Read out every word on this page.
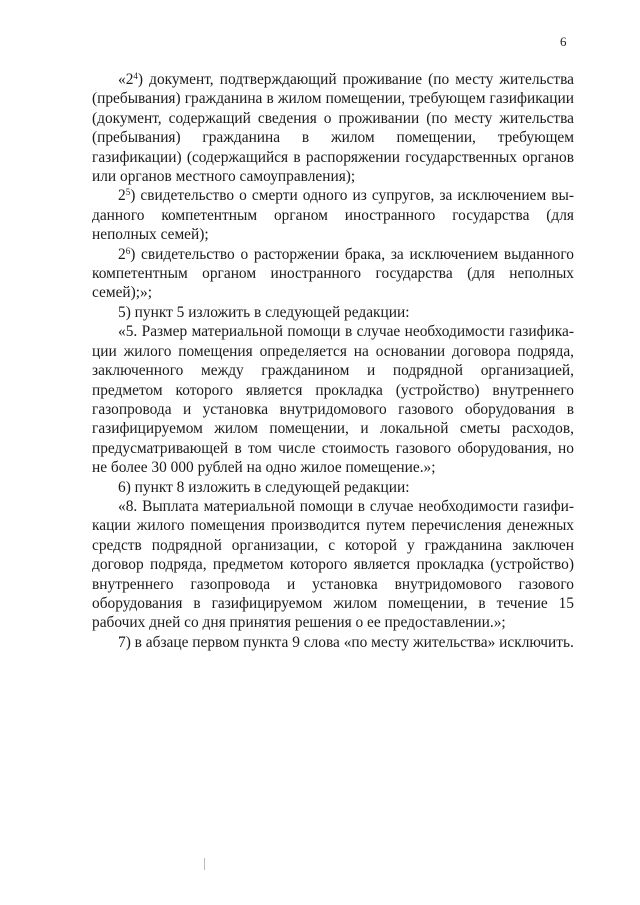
6

«$2^4$) документ, подтверждающий проживание (по месту жительства (пребывания) гражданина в жилом помещении, требующем газификации (документ, содержащий сведения о проживании (по месту жительства (пребывания) гражданина в жилом помещении, требующем газификации) (содержащийся в распоряжении государственных органов или органов местного самоуправления);

$2^5$) свидетельство о смерти одного из супругов, за исключением выданного компетентным органом иностранного государства (для неполных семей);

$2^6$) свидетельство о расторжении брака, за исключением выданного компетентным органом иностранного государства (для неполных семей);»;

5) пункт 5 изложить в следующей редакции:

«5. Размер материальной помощи в случае необходимости газификации жилого помещения определяется на основании договора подряда, заключенного между гражданином и подрядной организацией, предметом которого является прокладка (устройство) внутреннего газопровода и установка внутридомового газового оборудования в газифицируемом жилом помещении, и локальной сметы расходов, предусматривающей в том числе стоимость газового оборудования, но не более 30 000 рублей на одно жилое помещение.»;

6) пункт 8 изложить в следующей редакции:

«8. Выплата материальной помощи в случае необходимости газификации жилого помещения производится путем перечисления денежных средств подрядной организации, с которой у гражданина заключен договор подряда, предметом которого является прокладка (устройство) внутреннего газопровода и установка внутридомового газового оборудования в газифицируемом жилом помещении, в течение 15 рабочих дней со дня принятия решения о ее предоставлении.»;

7) в абзаце первом пункта 9 слова «по месту жительства» исключить.
